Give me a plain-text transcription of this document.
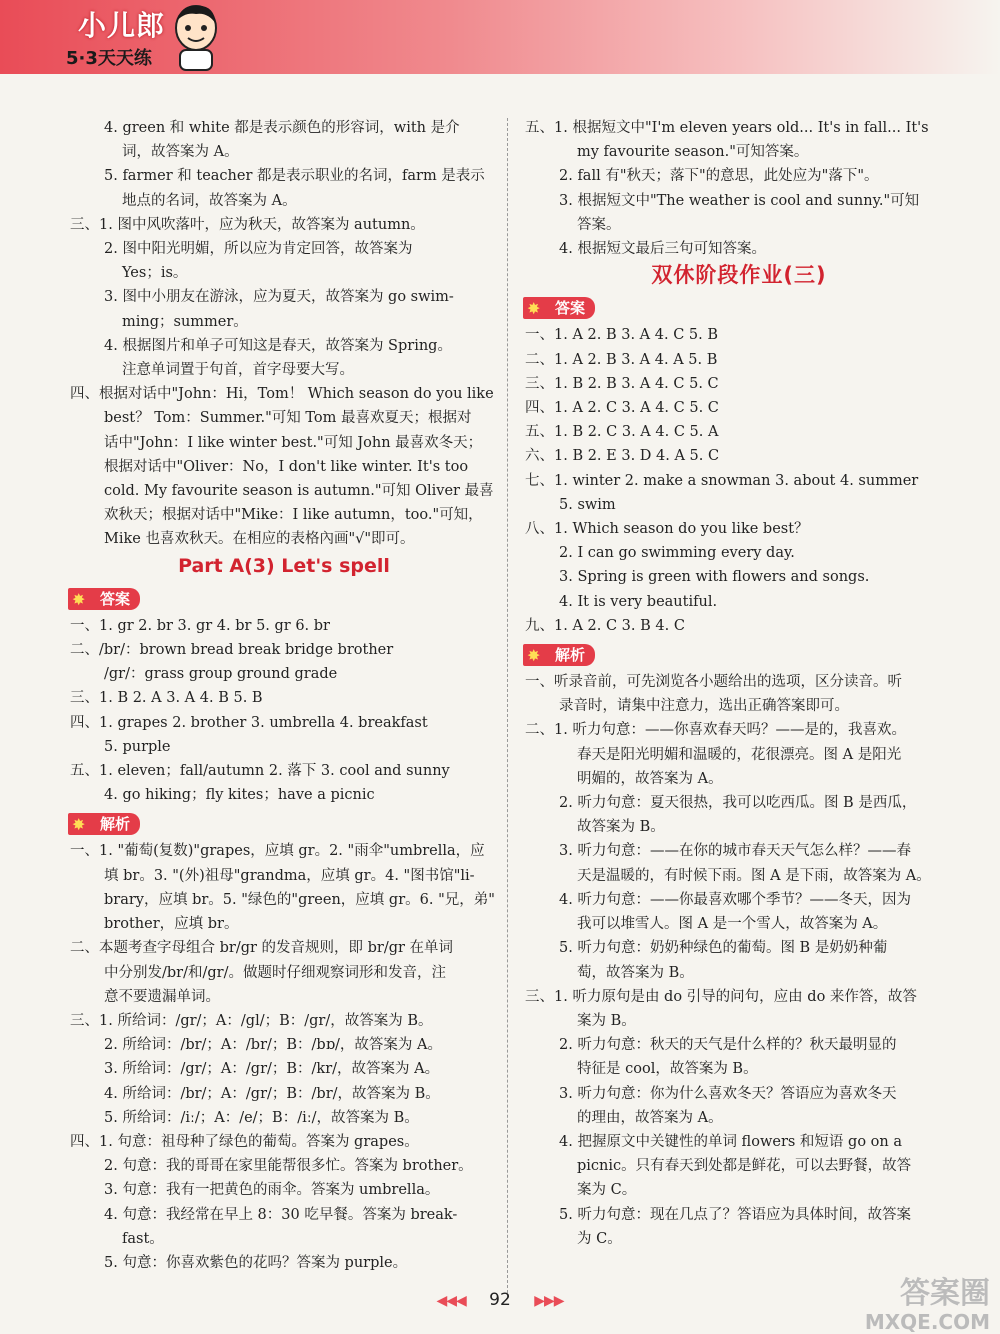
小儿郎
5·3天天练
4. green 和 white 都是表示颜色的形容词，with 是介
词，故答案为 A。
5. farmer 和 teacher 都是表示职业的名词，farm 是表示
地点的名词，故答案为 A。
三、1. 图中风吹落叶，应为秋天，故答案为 autumn。
2. 图中阳光明媚，所以应为肯定回答，故答案为
Yes；is。
3. 图中小朋友在游泳，应为夏天，故答案为 go swim-
ming；summer。
4. 根据图片和单子可知这是春天，故答案为 Spring。
注意单词置于句首，首字母要大写。
四、根据对话中"John：Hi，Tom！ Which season do you like
best？ Tom：Summer."可知 Tom 最喜欢夏天；根据对
话中"John：I like winter best."可知 John 最喜欢冬天；
根据对话中"Oliver：No，I don't like winter. It's too
cold. My favourite season is autumn."可知 Oliver 最喜
欢秋天；根据对话中"Mike：I like autumn，too."可知，
Mike 也喜欢秋天。在相应的表格內画"√"即可。
Part A(3) Let's spell
✸ 答案
一、1. gr 2. br 3. gr 4. br 5. gr 6. br
二、/br/：brown bread break bridge brother
/gr/：grass group ground grade
三、1. B 2. A 3. A 4. B 5. B
四、1. grapes 2. brother 3. umbrella 4. breakfast
5. purple
五、1. eleven；fall/autumn 2. 落下 3. cool and sunny
4. go hiking；fly kites；have a picnic
✸ 解析
一、1. "葡萄(复数)"grapes，应填 gr。2. "雨伞"umbrella，应
填 br。3. "(外)祖母"grandma，应填 gr。4. "图书馆"li-
brary，应填 br。5. "绿色的"green，应填 gr。6. "兄，弟"
brother，应填 br。
二、本题考查字母组合 br/gr 的发音规则，即 br/gr 在单词
中分别发/br/和/gr/。做题时仔细观察词形和发音，注
意不要遗漏单词。
三、1. 所给词：/gr/；A：/gl/；B：/gr/，故答案为 B。
2. 所给词：/br/；A：/br/；B：/bɒ/，故答案为 A。
3. 所给词：/gr/；A：/gr/；B：/kr/，故答案为 A。
4. 所给词：/br/；A：/gr/；B：/br/，故答案为 B。
5. 所给词：/iː/；A：/e/；B：/iː/，故答案为 B。
四、1. 句意：祖母种了绿色的葡萄。答案为 grapes。
2. 句意：我的哥哥在家里能帮很多忙。答案为 brother。
3. 句意：我有一把黄色的雨伞。答案为 umbrella。
4. 句意：我经常在早上 8：30 吃早餐。答案为 break-
fast。
5. 句意：你喜欢紫色的花吗？答案为 purple。
五、1. 根据短文中"I'm eleven years old... It's in fall... It's
my favourite season."可知答案。
2. fall 有"秋天；落下"的意思，此处应为"落下"。
3. 根据短文中"The weather is cool and sunny."可知
答案。
4. 根据短文最后三句可知答案。
双休阶段作业(三)
✸ 答案
一、1. A 2. B 3. A 4. C 5. B
二、1. A 2. B 3. A 4. A 5. B
三、1. B 2. B 3. A 4. C 5. C
四、1. A 2. C 3. A 4. C 5. C
五、1. B 2. C 3. A 4. C 5. A
六、1. B 2. E 3. D 4. A 5. C
七、1. winter 2. make a snowman 3. about 4. summer
5. swim
八、1. Which season do you like best？
2. I can go swimming every day.
3. Spring is green with flowers and songs.
4. It is very beautiful.
九、1. A 2. C 3. B 4. C
✸ 解析
一、听录音前，可先浏览各小题给出的选项，区分读音。听
录音时，请集中注意力，选出正确答案即可。
二、1. 听力句意：——你喜欢春天吗？——是的，我喜欢。
春天是阳光明媚和温暖的，花很漂亮。图 A 是阳光
明媚的，故答案为 A。
2. 听力句意：夏天很热，我可以吃西瓜。图 B 是西瓜，
故答案为 B。
3. 听力句意：——在你的城市春天天气怎么样？——春
天是温暖的，有时候下雨。图 A 是下雨，故答案为 A。
4. 听力句意：——你最喜欢哪个季节？——冬天，因为
我可以堆雪人。图 A 是一个雪人，故答案为 A。
5. 听力句意：奶奶种绿色的葡萄。图 B 是奶奶种葡
萄，故答案为 B。
三、1. 听力原句是由 do 引导的问句，应由 do 来作答，故答
案为 B。
2. 听力句意：秋天的天气是什么样的？秋天最明显的
特征是 cool，故答案为 B。
3. 听力句意：你为什么喜欢冬天？答语应为喜欢冬天
的理由，故答案为 A。
4. 把握原文中关键性的单词 flowers 和短语 go on a
picnic。只有春天到处都是鲜花，可以去野餐，故答
案为 C。
5. 听力句意：现在几点了？答语应为具体时间，故答案
为 C。
◀◀◀ 92 ▶▶▶	答案圈
MXQE.COM
